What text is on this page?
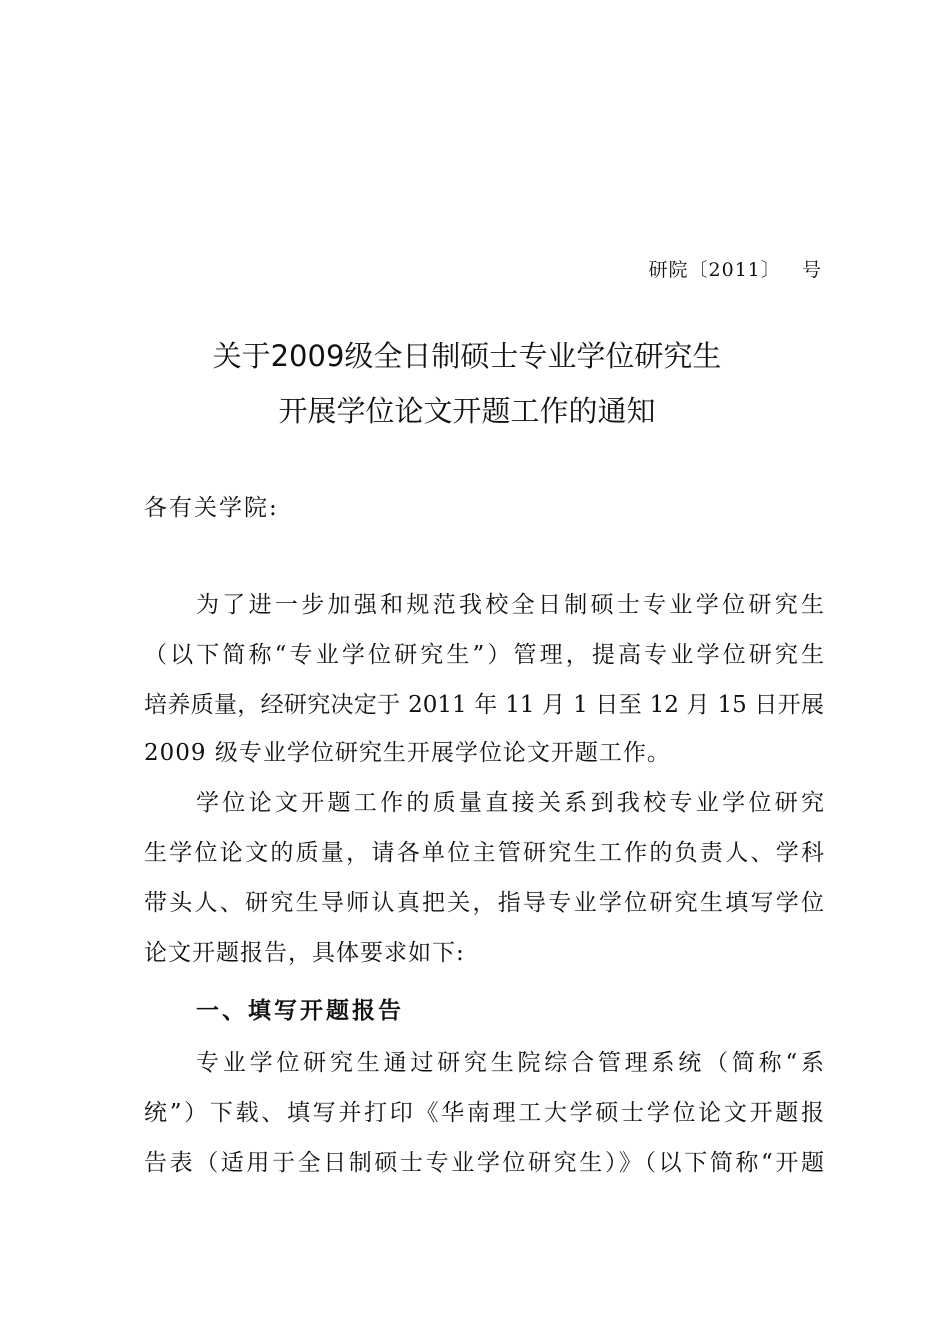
研院〔2011〕   号
关于2009级全日制硕士专业学位研究生
开展学位论文开题工作的通知
各有关学院:
为了进一步加强和规范我校全日制硕士专业学位研究生
（以下简称“专业学位研究生”）管理，提高专业学位研究生
培养质量，经研究决定于 2011 年 11 月 1 日至 12 月 15 日开展
2009 级专业学位研究生开展学位论文开题工作。
学位论文开题工作的质量直接关系到我校专业学位研究
生学位论文的质量，请各单位主管研究生工作的负责人、学科
带头人、研究生导师认真把关，指导专业学位研究生填写学位
论文开题报告，具体要求如下:
一、填写开题报告
专业学位研究生通过研究生院综合管理系统（简称“系
统”）下载、填写并打印《华南理工大学硕士学位论文开题报
告表（适用于全日制硕士专业学位研究生）》（以下简称“开题
